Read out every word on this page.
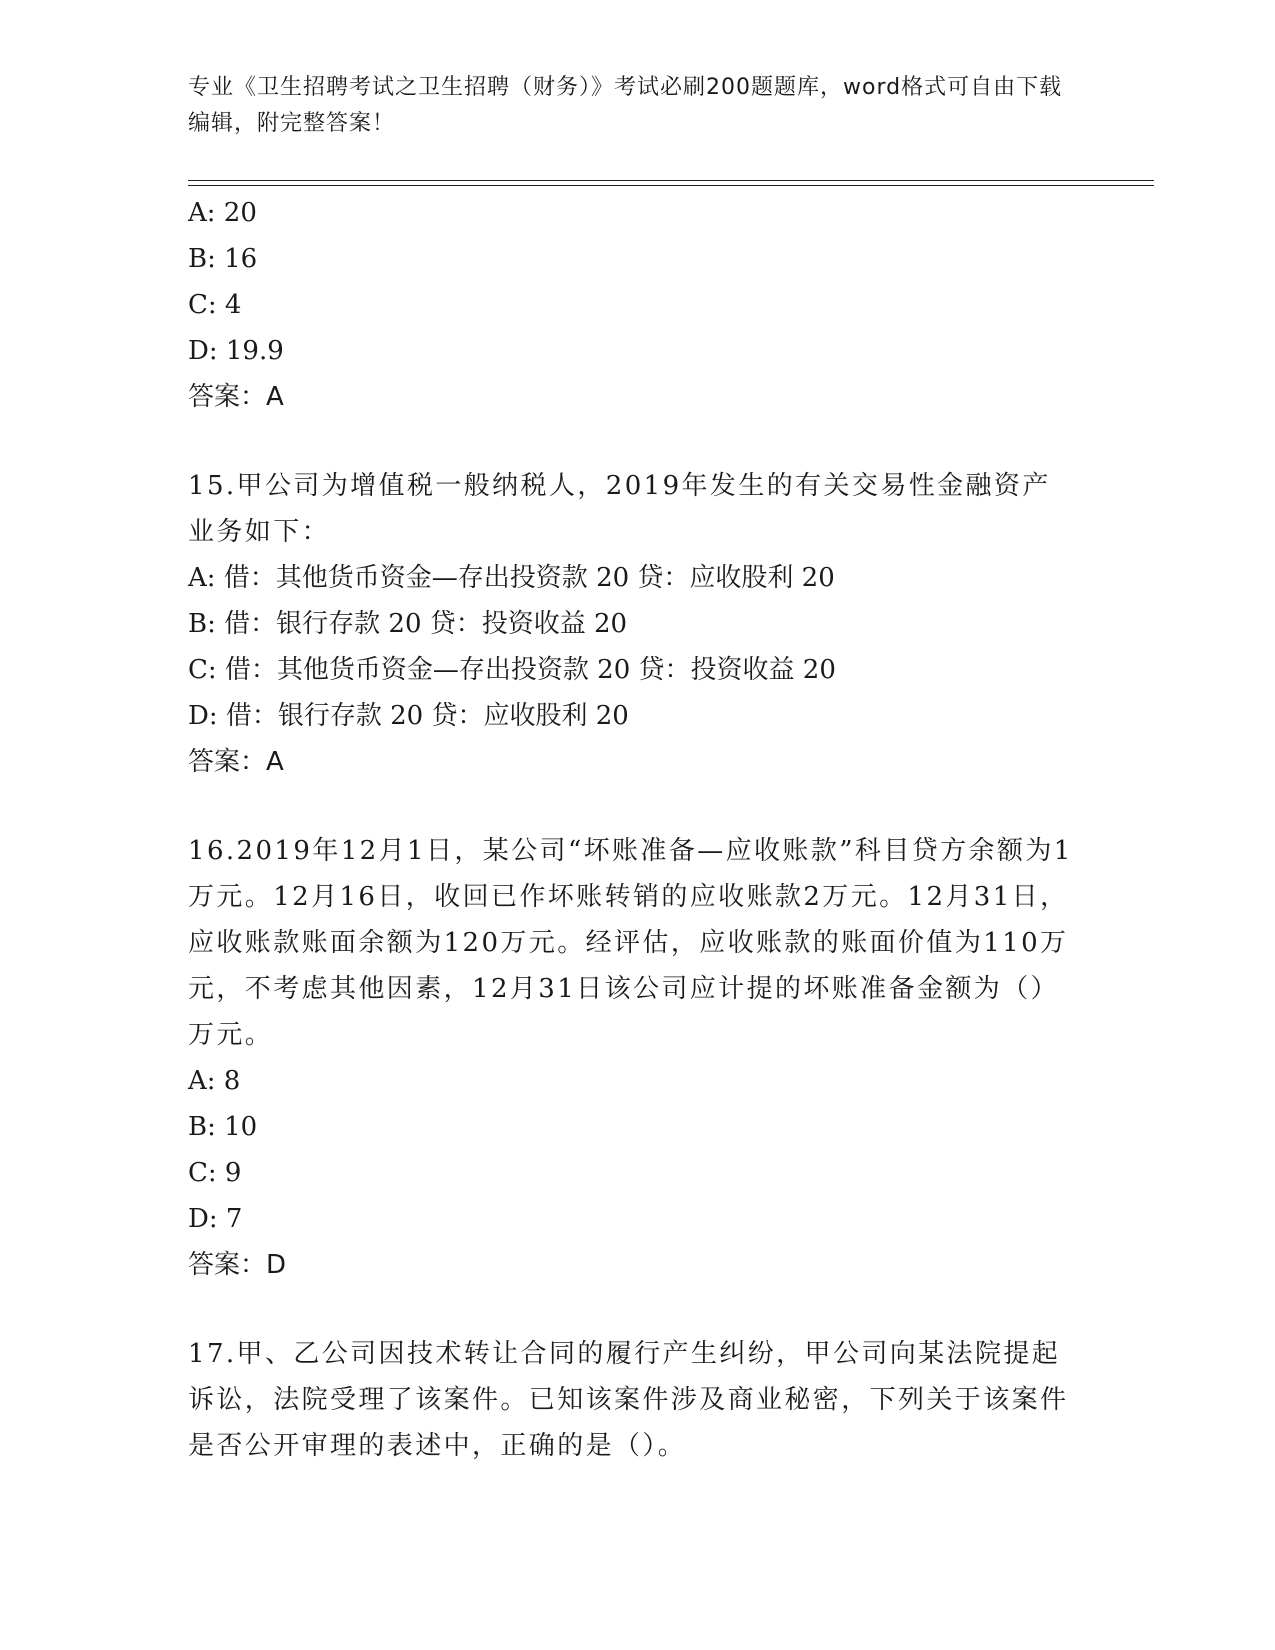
专业《卫生招聘考试之卫生招聘（财务）》考试必刷200题题库，word格式可自由下载编辑，附完整答案！
A: 20
B: 16
C: 4
D: 19.9
答案：A
15.甲公司为增值税一般纳税人，2019年发生的有关交易性金融资产业务如下：
A: 借：其他货币资金—存出投资款 20 贷：应收股利 20
B: 借：银行存款 20 贷：投资收益 20
C: 借：其他货币资金—存出投资款 20 贷：投资收益 20
D: 借：银行存款 20 贷：应收股利 20
答案：A
16.2019年12月1日，某公司“坏账准备—应收账款”科目贷方余额为1万元。12月16日，收回已作坏账转销的应收账款2万元。12月31日，应收账款账面余额为120万元。经评估，应收账款的账面价值为110万元，不考虑其他因素，12月31日该公司应计提的坏账准备金额为（）万元。
A: 8
B: 10
C: 9
D: 7
答案：D
17.甲、乙公司因技术转让合同的履行产生纠纷，甲公司向某法院提起诉讼，法院受理了该案件。已知该案件涉及商业秘密，下列关于该案件是否公开审理的表述中，正确的是（）。
